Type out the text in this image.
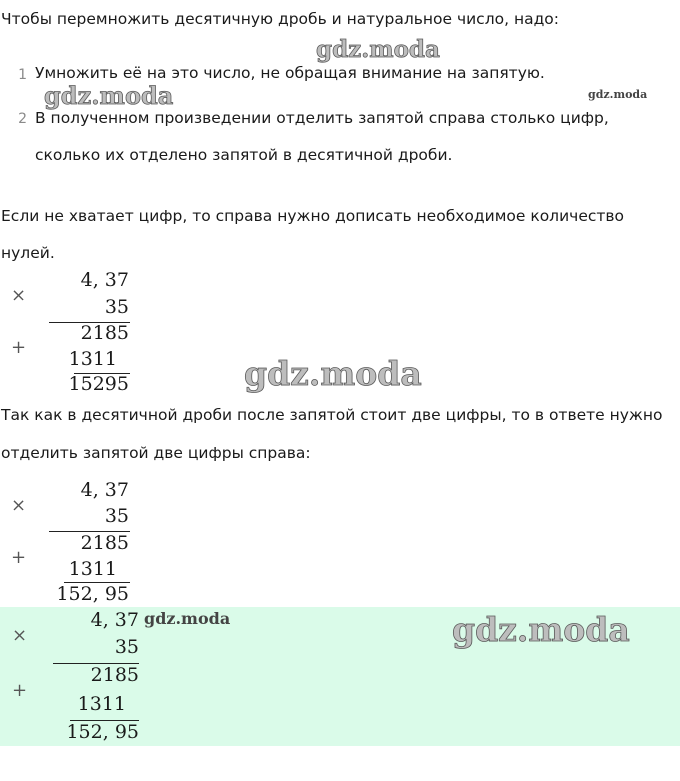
Чтобы перемножить десятичную дробь и натуральное число, надо:

1 Умножить её на это число, не обращая внимание на запятую.

2 В полученном произведении отделить запятой справа столько цифр,

сколько их отделено запятой в десятичной дроби.

Если не хватает цифр, то справа нужно дописать необходимое количество

нулей.

×
4, 37
35
2185
+
1311
15295

Так как в десятичной дроби после запятой стоит две цифры, то в ответе нужно

отделить запятой две цифры справа:

×
4, 37
35
2185
+
1311
152, 95
×
4, 37
35
2185
+
1311
152, 95
gdz.moda
gdz.moda	gdz.moda
gdz.moda
gdz.moda	gdz.moda
